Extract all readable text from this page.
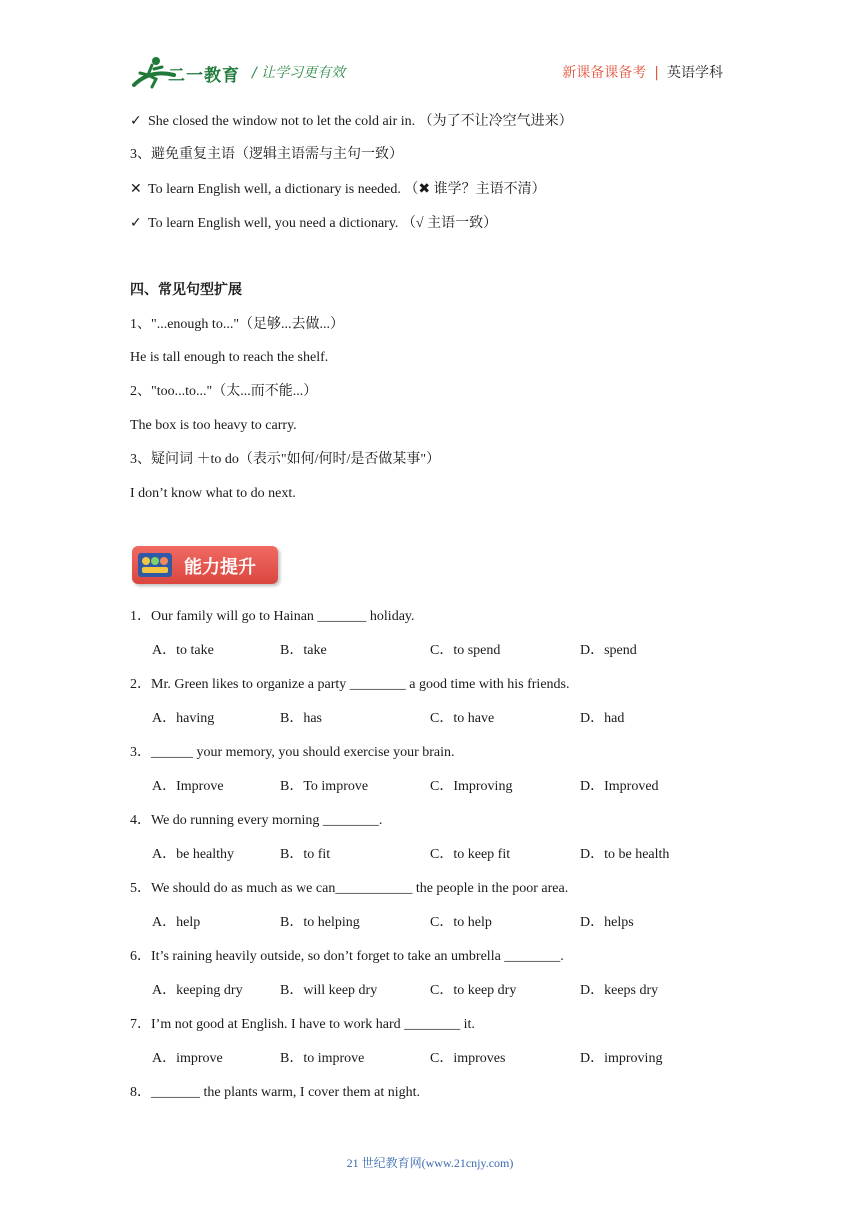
二一教育 / 让学习更有效	新课备课备考 | 英语学科
✓ She closed the window not to let the cold air in. （为了不让冷空气进来）
3、避免重复主语（逻辑主语需与主句一致）
✕ To learn English well, a dictionary is needed. （✖ 谁学？主语不清）
✓ To learn English well, you need a dictionary. （√ 主语一致）
四、常见句型扩展
1、"...enough to..."（足够...去做...）
He is tall enough to reach the shelf.
2、"too...to..."（太...而不能...）
The box is too heavy to carry.
3、疑问词 ＋to do（表示"如何/何时/是否做某事"）
I don’t know what to do next.
能力提升
1．Our family will go to Hainan _______ holiday.
A．to take	B．take	C．to spend	D．spend
2．Mr. Green likes to organize a party ________ a good time with his friends.
A．having	B．has	C．to have	D．had
3．______ your memory, you should exercise your brain.
A．Improve	B．To improve	C．Improving	D．Improved
4．We do running every morning ________.
A．be healthy	B．to fit	C．to keep fit	D．to be health
5．We should do as much as we can___________ the people in the poor area.
A．help	B．to helping	C．to help	D．helps
6．It’s raining heavily outside, so don’t forget to take an umbrella ________.
A．keeping dry	B．will keep dry	C．to keep dry	D．keeps dry
7．I’m not good at English. I have to work hard ________ it.
A．improve	B．to improve	C．improves	D．improving
8．_______ the plants warm, I cover them at night.
21 世纪教育网(www.21cnjy.com)
